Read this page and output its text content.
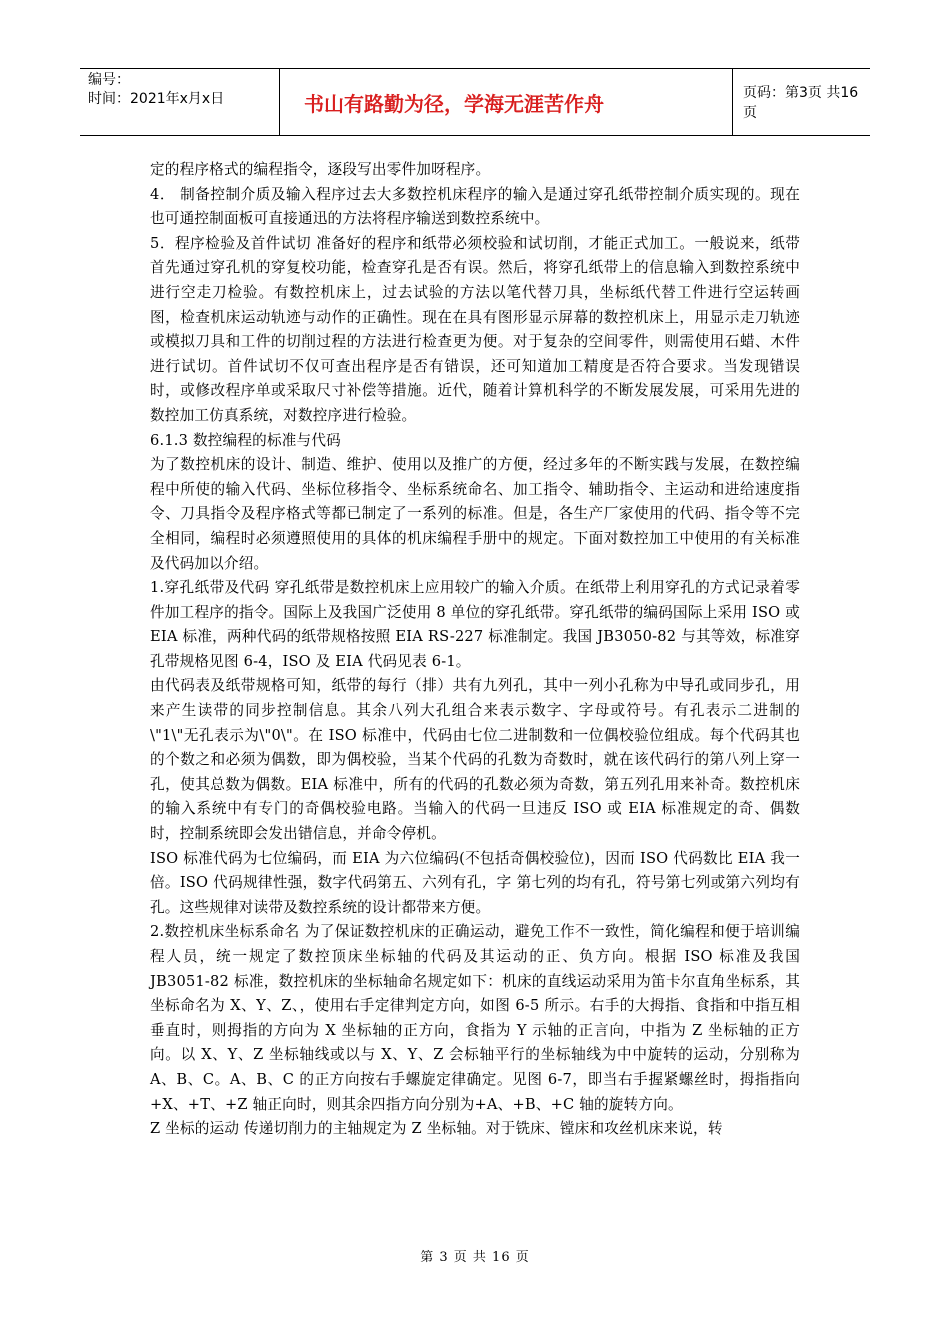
编号：
时间：2021年x月x日	书山有路勤为径，学海无涯苦作舟	页码：第3页 共16页

定的程序格式的编程指令，逐段写出零件加呀程序。

4． 制备控制介质及输入程序过去大多数控机床程序的输入是通过穿孔纸带控制介质实现的。现在也可通控制面板可直接通迅的方法将程序输送到数控系统中。

5．程序检验及首件试切 准备好的程序和纸带必须校验和试切削，才能正式加工。一般说来，纸带首先通过穿孔机的穿复校功能，检查穿孔是否有误。然后，将穿孔纸带上的信息输入到数控系统中进行空走刀检验。有数控机床上，过去试验的方法以笔代替刀具，坐标纸代替工件进行空运转画图，检查机床运动轨迹与动作的正确性。现在在具有图形显示屏幕的数控机床上，用显示走刀轨迹或模拟刀具和工件的切削过程的方法进行检查更为便。对于复杂的空间零件，则需使用石蜡、木件进行试切。首件试切不仅可查出程序是否有错误，还可知道加工精度是否符合要求。当发现错误时，或修改程序单或采取尺寸补偿等措施。近代，随着计算机科学的不断发展发展，可采用先进的数控加工仿真系统，对数控序进行检验。

6.1.3 数控编程的标准与代码

为了数控机床的设计、制造、维护、使用以及推广的方便，经过多年的不断实践与发展，在数控编程中所使的输入代码、坐标位移指令、坐标系统命名、加工指令、辅助指令、主运动和进给速度指令、刀具指令及程序格式等都已制定了一系列的标准。但是，各生产厂家使用的代码、指令等不完全相同，编程时必须遵照使用的具体的机床编程手册中的规定。下面对数控加工中使用的有关标准及代码加以介绍。

1.穿孔纸带及代码 穿孔纸带是数控机床上应用较广的输入介质。在纸带上利用穿孔的方式记录着零件加工程序的指令。国际上及我国广泛使用 8 单位的穿孔纸带。穿孔纸带的编码国际上采用 ISO 或 EIA 标准，两种代码的纸带规格按照 EIA RS-227 标准制定。我国 JB3050-82 与其等效，标准穿孔带规格见图 6-4，ISO 及 EIA 代码见表 6-1。

由代码表及纸带规格可知，纸带的每行（排）共有九列孔，其中一列小孔称为中导孔或同步孔，用来产生读带的同步控制信息。其余八列大孔组合来表示数字、字母或符号。有孔表示二进制的\"1\"无孔表示为\"0\"。在 ISO 标准中，代码由七位二进制数和一位偶校验位组成。每个代码其也的个数之和必须为偶数，即为偶校验，当某个代码的孔数为奇数时，就在该代码行的第八列上穿一孔，使其总数为偶数。EIA 标准中，所有的代码的孔数必须为奇数，第五列孔用来补奇。数控机床的输入系统中有专门的奇偶校验电路。当输入的代码一旦违反 ISO 或 EIA 标准规定的奇、偶数时，控制系统即会发出错信息，并命令停机。

ISO 标准代码为七位编码，而 EIA 为六位编码(不包括奇偶校验位)，因而 ISO 代码数比 EIA 我一倍。ISO 代码规律性强，数字代码第五、六列有孔，字 第七列的均有孔，符号第七列或第六列均有孔。这些规律对读带及数控系统的设计都带来方便。

2.数控机床坐标系命名 为了保证数控机床的正确运动，避免工作不一致性，简化编程和便于培训编程人员，统一规定了数控顶床坐标轴的代码及其运动的正、负方向。根据 ISO 标准及我国 JB3051-82 标准，数控机床的坐标轴命名规定如下：机床的直线运动采用为笛卡尔直角坐标系，其坐标命名为 X、Y、Z、，使用右手定律判定方向，如图 6-5 所示。右手的大拇指、食指和中指互相垂直时，则拇指的方向为 X 坐标轴的正方向，食指为 Y 示轴的正言向，中指为 Z 坐标轴的正方向。以 X、Y、Z 坐标轴线或以与 X、Y、Z 会标轴平行的坐标轴线为中中旋转的运动，分别称为 A、B、C。A、B、C 的正方向按右手螺旋定律确定。见图 6-7，即当右手握紧螺丝时，拇指指向+X、+T、+Z 轴正向时，则其余四指方向分别为+A、+B、+C 轴的旋转方向。

Z 坐标的运动 传递切削力的主轴规定为 Z 坐标轴。对于铣床、镗床和攻丝机床来说，转

第 3 页 共 16 页
